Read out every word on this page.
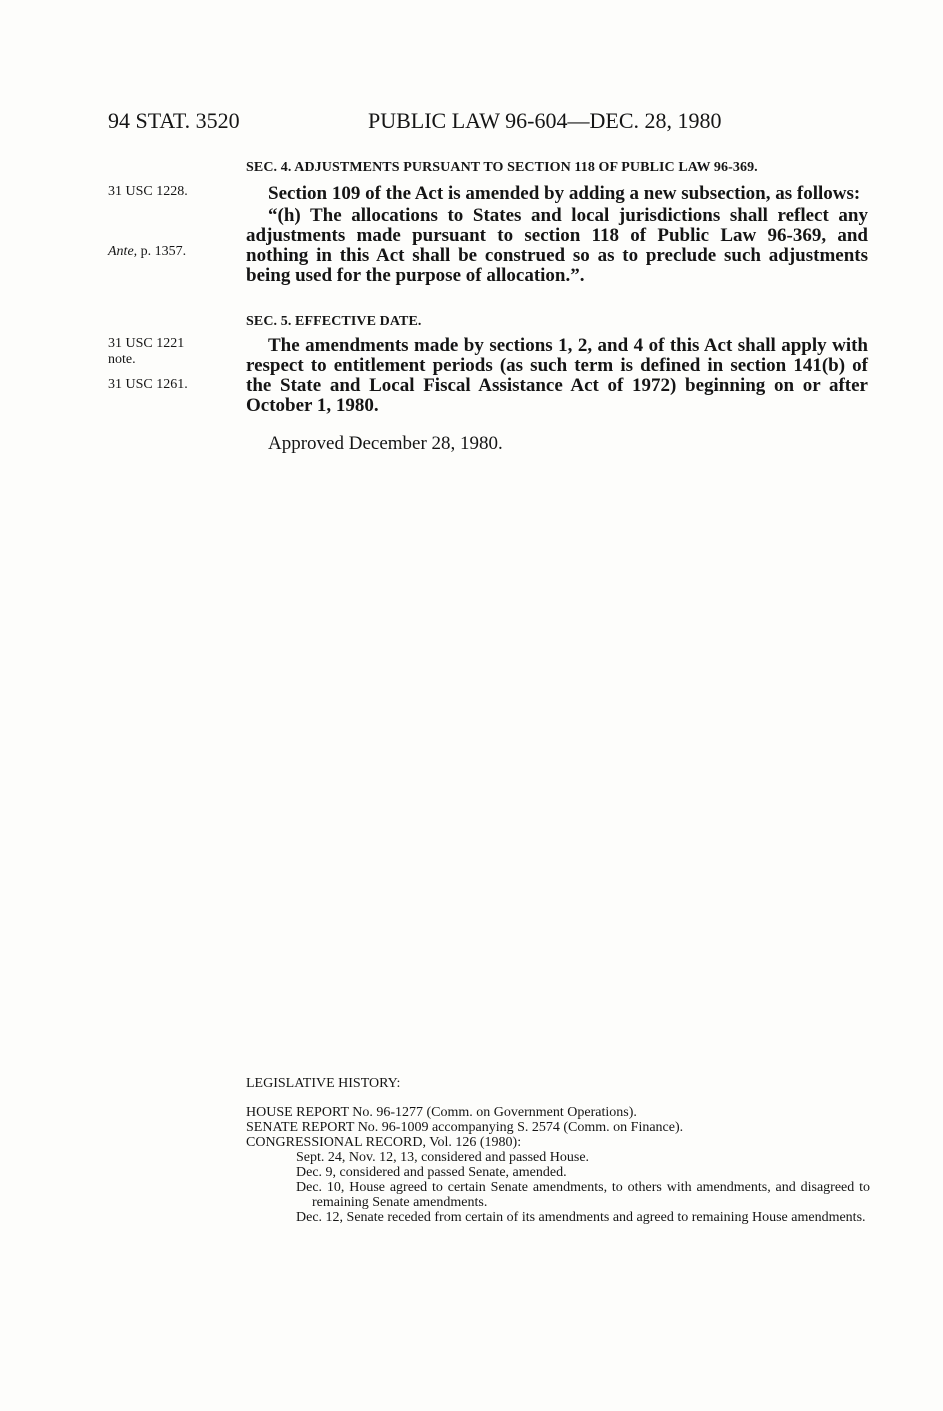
94 STAT. 3520	PUBLIC LAW 96-604—DEC. 28, 1980
SEC. 4. ADJUSTMENTS PURSUANT TO SECTION 118 OF PUBLIC LAW 96-369.
31 USC 1228.
Ante, p. 1357.
Section 109 of the Act is amended by adding a new subsection, as follows:
“(h) The allocations to States and local jurisdictions shall reflect any adjustments made pursuant to section 118 of Public Law 96-369, and nothing in this Act shall be construed so as to preclude such adjustments being used for the purpose of allocation.”.
SEC. 5. EFFECTIVE DATE.
31 USC 1221
note.
31 USC 1261.
The amendments made by sections 1, 2, and 4 of this Act shall apply with respect to entitlement periods (as such term is defined in section 141(b) of the State and Local Fiscal Assistance Act of 1972) beginning on or after October 1, 1980.
Approved December 28, 1980.
LEGISLATIVE HISTORY:
HOUSE REPORT No. 96-1277 (Comm. on Government Operations).
SENATE REPORT No. 96-1009 accompanying S. 2574 (Comm. on Finance).
CONGRESSIONAL RECORD, Vol. 126 (1980):
Sept. 24, Nov. 12, 13, considered and passed House.
Dec. 9, considered and passed Senate, amended.
Dec. 10, House agreed to certain Senate amendments, to others with amendments, and disagreed to remaining Senate amendments.
Dec. 12, Senate receded from certain of its amendments and agreed to remaining House amendments.
